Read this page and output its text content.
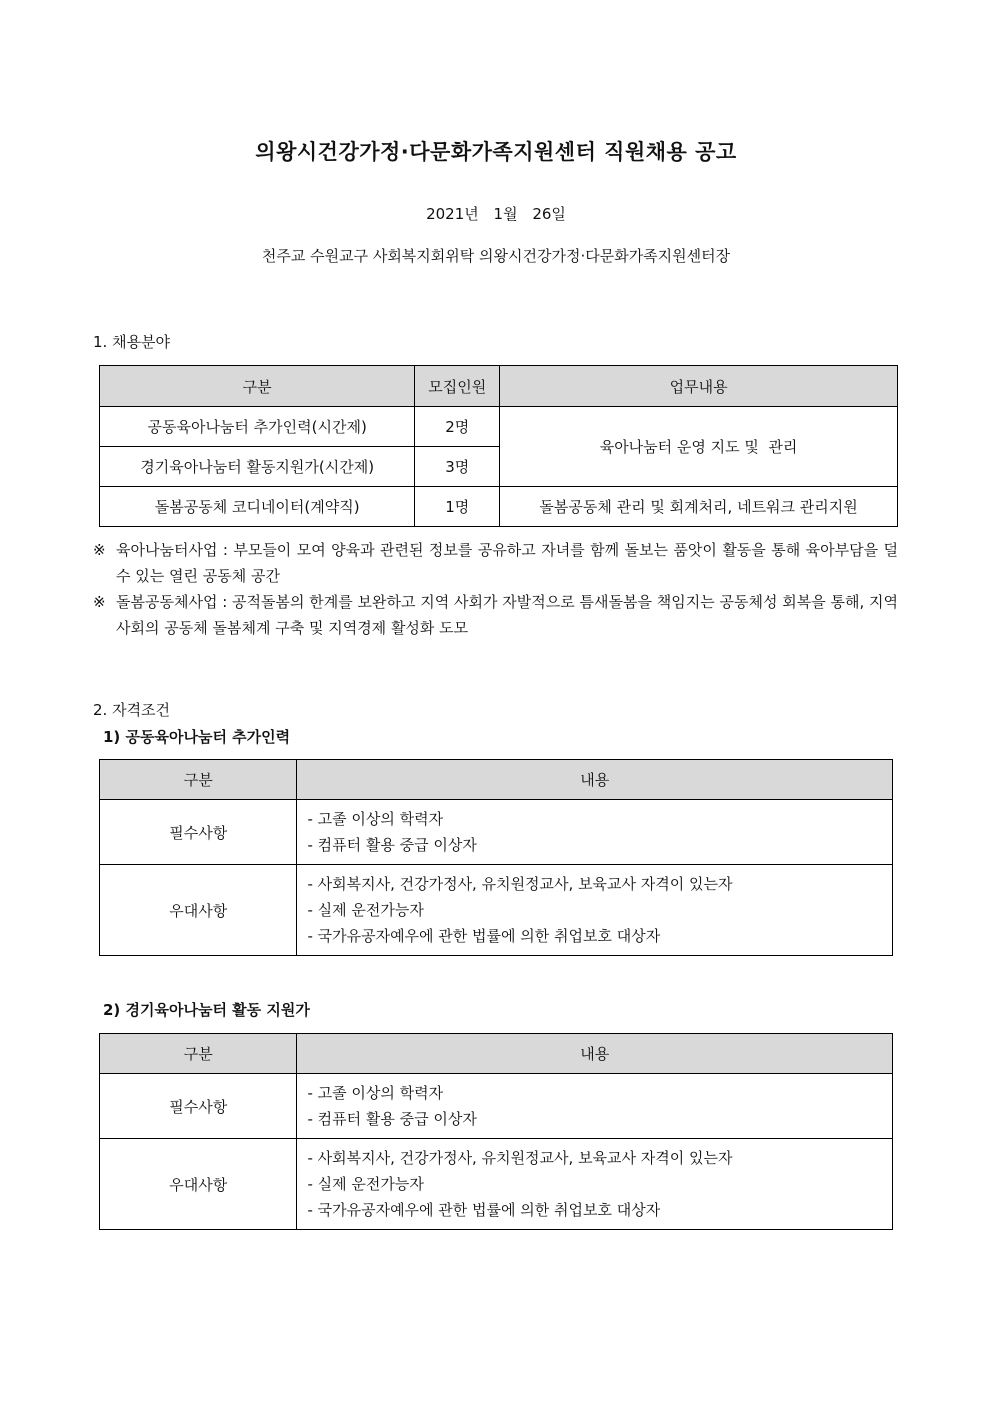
의왕시건강가정·다문화가족지원센터 직원채용 공고
2021년 1월 26일
천주교 수원교구 사회복지회위탁 의왕시건강가정·다문화가족지원센터장
1. 채용분야
구분	모집인원	업무내용
공동육아나눔터 추가인력(시간제)	2명	육아나눔터 운영 지도 및  관리
경기육아나눔터 활동지원가(시간제)	3명	
돌봄공동체 코디네이터(계약직)	1명	돌봄공동체 관리 및 회계처리, 네트워크 관리지원
※ 육아나눔터사업 : 부모들이 모여 양육과 관련된 정보를 공유하고 자녀를 함께 돌보는 품앗이 활동을 통해 육아부담을 덜 수 있는 열린 공동체 공간
※ 돌봄공동체사업 : 공적돌봄의 한계를 보완하고 지역 사회가 자발적으로 틈새돌봄을 책임지는 공동체성 회복을 통해, 지역 사회의 공동체 돌봄체계 구축 및 지역경제 활성화 도모
2. 자격조건
1) 공동육아나눔터 추가인력
구분	내용
필수사항	- 고졸 이상의 학력자
- 컴퓨터 활용 중급 이상자

우대사항	- 사회복지사, 건강가정사, 유치원정교사, 보육교사 자격이 있는자
- 실제 운전가능자
- 국가유공자예우에 관한 법률에 의한 취업보호 대상자
2) 경기육아나눔터 활동 지원가
구분	내용
필수사항	- 고졸 이상의 학력자
- 컴퓨터 활용 중급 이상자

우대사항	- 사회복지사, 건강가정사, 유치원정교사, 보육교사 자격이 있는자
- 실제 운전가능자
- 국가유공자예우에 관한 법률에 의한 취업보호 대상자
